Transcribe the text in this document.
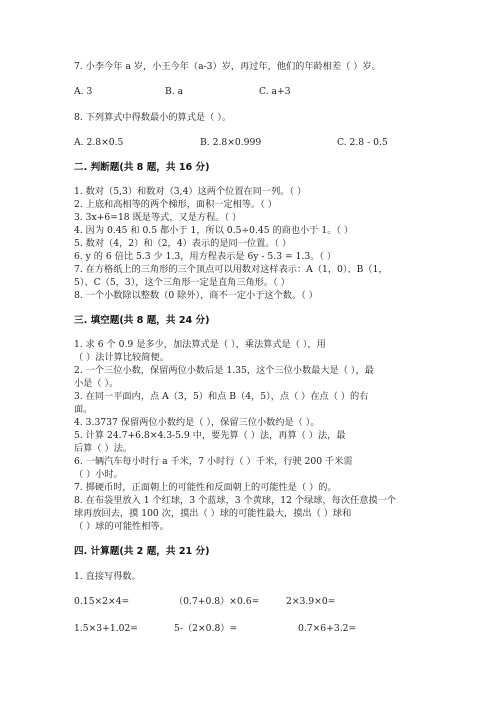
7. 小李今年 a 岁，小王今年（a-3）岁，再过年，他们的年龄相差（ ）岁。
A. 3	B. a	C. a+3
8. 下列算式中得数最小的算式是（ ）。
A. 2.8×0.5	B. 2.8×0.999	C. 2.8 - 0.5
二. 判断题(共 8 题，共 16 分)
1. 数对（5,3）和数对（3,4）这两个位置在同一列。（ ）
2. 上底和高相等的两个梯形，面积一定相等。（ ）
3. 3x+6=18 既是等式，又是方程。（ ）
4. 因为 0.45 和 0.5 都小于 1，所以 0.5÷0.45 的商也小于 1。（ ）
5. 数对（4，2）和（2，4）表示的是同一位置。（ ）
6. y 的 6 倍比 5.3 少 1.3，用方程表示是 6y - 5.3 = 1.3。（ ）
7. 在方格纸上的三角形的三个顶点可以用数对这样表示：A（1，0）、B（1，
5）、C（5，3），这个三角形一定是直角三角形。（ ）
8. 一个小数除以整数（0 除外），商不一定小于这个数。（ ）
三. 填空题(共 8 题，共 24 分)
1. 求 6 个 0.9 是多少，加法算式是（ ），乘法算式是（ ），用
（ ）法计算比较简便。
2. 一个三位小数，保留两位小数后是 1.35，这个三位小数最大是（ ），最
小是（ ）。
3. 在同一平面内，点 A（3，5）和点 B（4，5），点（ ）在点（ ）的右
面。
4. 3.3737 保留两位小数约是（ ），保留三位小数约是（ ）。
5. 计算 24.7+6.8×4.3-5.9 中，要先算（ ）法，再算（ ）法，最
后算（ ）法。
6. 一辆汽车每小时行 a 千米，7 小时行（ ）千米，行驶 200 千米需
（ ）小时。
7. 掷硬币时，正面朝上的可能性和反面朝上的可能性是（ ）的。
8. 在布袋里放入 1 个红球，3 个蓝球，3 个黄球，12 个绿球，每次任意摸一个
球再放回去，摸 100 次，摸出（ ）球的可能性最大，摸出（ ）球和
（ ）球的可能性相等。
四. 计算题(共 2 题，共 21 分)
1. 直接写得数。
0.15×2×4=	（0.7+0.8）×0.6=	2×3.9×0=
1.5×3+1.02=	5-（2×0.8）=	0.7×6+3.2=
